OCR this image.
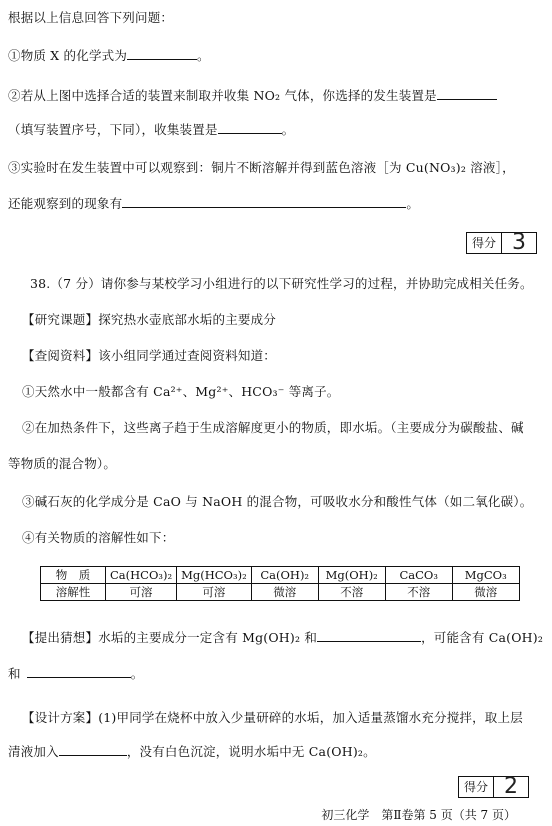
根据以上信息回答下列问题：
①物质 X 的化学式为	。
②若从上图中选择合适的装置来制取并收集 NO₂ 气体，你选择的发生装置是
（填写装置序号，下同），收集装置是	。
③实验时在发生装置中可以观察到：铜片不断溶解并得到蓝色溶液［为 Cu(NO₃)₂ 溶液］，
还能观察到的现象有	。
得分 3
38.（7 分）请你参与某校学习小组进行的以下研究性学习的过程，并协助完成相关任务。
【研究课题】探究热水壶底部水垢的主要成分
【查阅资料】该小组同学通过查阅资料知道：
①天然水中一般都含有 Ca²⁺、Mg²⁺、HCO₃⁻ 等离子。
②在加热条件下，这些离子趋于生成溶解度更小的物质，即水垢。（主要成分为碳酸盐、碱
等物质的混合物）。
③碱石灰的化学成分是 CaO 与 NaOH 的混合物，可吸收水分和酸性气体（如二氧化碳）。
④有关物质的溶解性如下：
物　质	Ca(HCO₃)₂	Mg(HCO₃)₂	Ca(OH)₂	Mg(OH)₂	CaCO₃	MgCO₃
溶解性	可溶	可溶	微溶	不溶	不溶	微溶
【提出猜想】水垢的主要成分一定含有 Mg(OH)₂ 和	，可能含有 Ca(OH)₂
和	。
【设计方案】(1)甲同学在烧杯中放入少量研碎的水垢，加入适量蒸馏水充分搅拌，取上层
清液加入	，没有白色沉淀，说明水垢中无 Ca(OH)₂。
得分 2
初三化学　第Ⅱ卷第 5 页（共 7 页）
